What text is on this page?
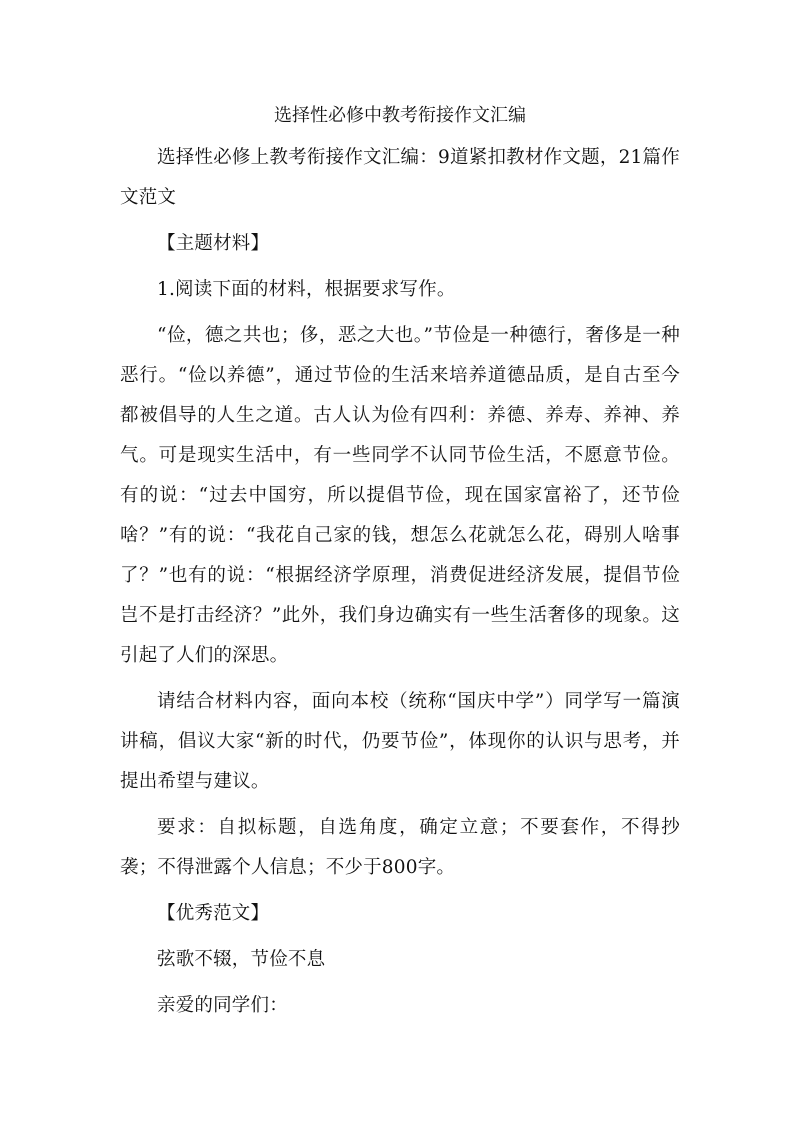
选择性必修中教考衔接作文汇编

选择性必修上教考衔接作文汇编：9道紧扣教材作文题，21篇作文范文

【主题材料】

1.阅读下面的材料，根据要求写作。

“俭，德之共也；侈，恶之大也。”节俭是一种德行，奢侈是一种恶行。“俭以养德”，通过节俭的生活来培养道德品质，是自古至今都被倡导的人生之道。古人认为俭有四利：养德、养寿、养神、养气。可是现实生活中，有一些同学不认同节俭生活，不愿意节俭。有的说：“过去中国穷，所以提倡节俭，现在国家富裕了，还节俭啥？”有的说：“我花自己家的钱，想怎么花就怎么花，碍别人啥事了？”也有的说：“根据经济学原理，消费促进经济发展，提倡节俭岂不是打击经济？”此外，我们身边确实有一些生活奢侈的现象。这引起了人们的深思。

请结合材料内容，面向本校（统称“国庆中学”）同学写一篇演讲稿，倡议大家“新的时代，仍要节俭”，体现你的认识与思考，并提出希望与建议。

要求：自拟标题，自选角度，确定立意；不要套作，不得抄袭；不得泄露个人信息；不少于800字。

【优秀范文】

弦歌不辍，节俭不息

亲爱的同学们：
